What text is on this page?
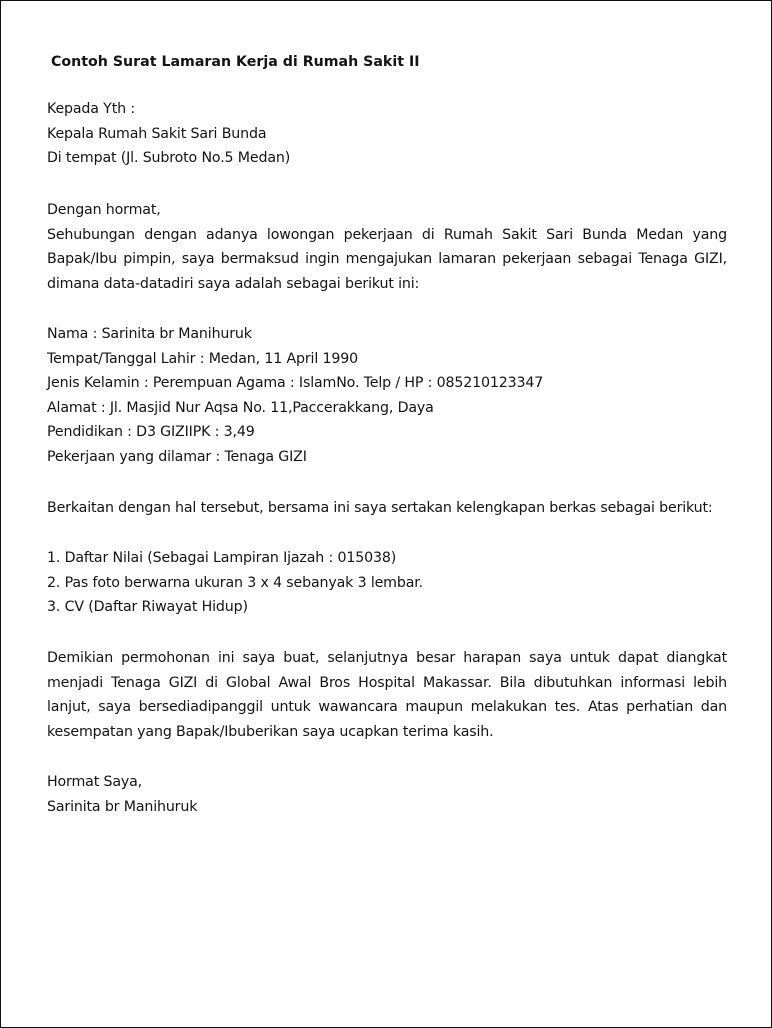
Contoh Surat Lamaran Kerja di Rumah Sakit II
Kepada Yth :
Kepala Rumah Sakit Sari Bunda
Di tempat (Jl. Subroto No.5 Medan)
Dengan hormat,
Sehubungan dengan adanya lowongan pekerjaan di Rumah Sakit Sari Bunda Medan yang
Bapak/Ibu pimpin, saya bermaksud ingin mengajukan lamaran pekerjaan sebagai Tenaga GIZI,
dimana data-datadiri saya adalah sebagai berikut ini:
Nama : Sarinita br Manihuruk
Tempat/Tanggal Lahir : Medan, 11 April 1990
Jenis Kelamin : Perempuan Agama : IslamNo. Telp / HP : 085210123347
Alamat : Jl. Masjid Nur Aqsa No. 11,Paccerakkang, Daya
Pendidikan : D3 GIZIIPK : 3,49
Pekerjaan yang dilamar : Tenaga GIZI
Berkaitan dengan hal tersebut, bersama ini saya sertakan kelengkapan berkas sebagai berikut:
1. Daftar Nilai (Sebagai Lampiran Ijazah : 015038)
2. Pas foto berwarna ukuran 3 x 4 sebanyak 3 lembar.
3. CV (Daftar Riwayat Hidup)
Demikian permohonan ini saya buat, selanjutnya besar harapan saya untuk dapat diangkat
menjadi Tenaga GIZI di Global Awal Bros Hospital Makassar. Bila dibutuhkan informasi lebih
lanjut, saya bersediadipanggil untuk wawancara maupun melakukan tes. Atas perhatian dan
kesempatan yang Bapak/Ibuberikan saya ucapkan terima kasih.
Hormat Saya,
Sarinita br Manihuruk
